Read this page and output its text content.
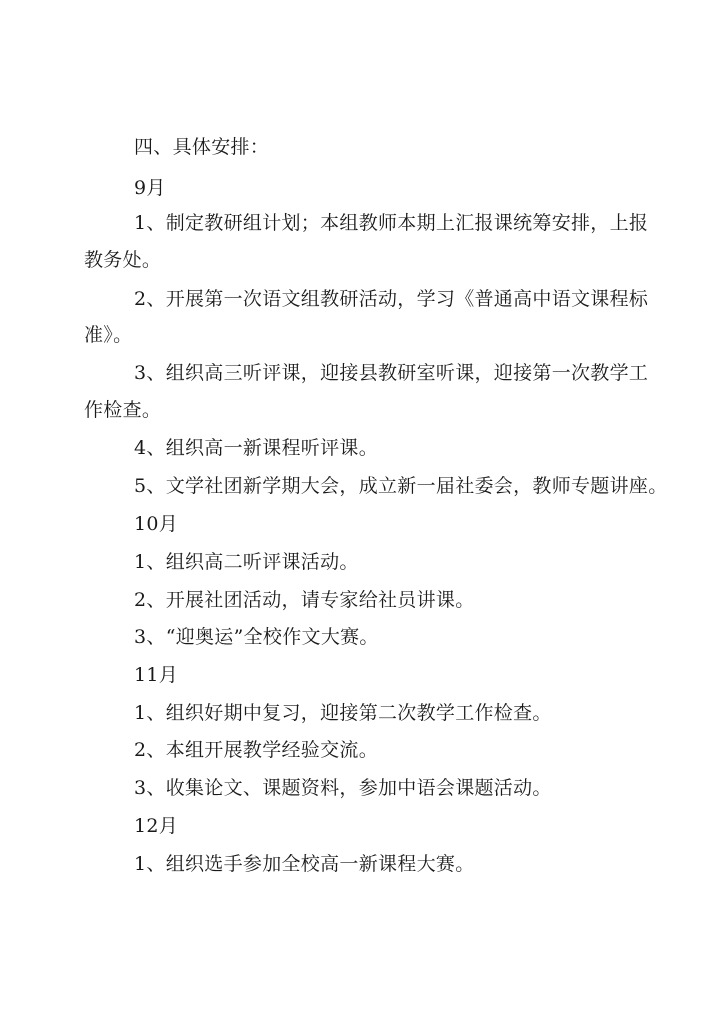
四、具体安排：
9月
1、制定教研组计划；本组教师本期上汇报课统筹安排，上报
教务处。
2、开展第一次语文组教研活动，学习《普通高中语文课程标
准》。
3、组织高三听评课，迎接县教研室听课，迎接第一次教学工
作检查。
4、组织高一新课程听评课。
5、文学社团新学期大会，成立新一届社委会，教师专题讲座。
10月
1、组织高二听评课活动。
2、开展社团活动，请专家给社员讲课。
3、“迎奥运”全校作文大赛。
11月
1、组织好期中复习，迎接第二次教学工作检查。
2、本组开展教学经验交流。
3、收集论文、课题资料，参加中语会课题活动。
12月
1、组织选手参加全校高一新课程大赛。
